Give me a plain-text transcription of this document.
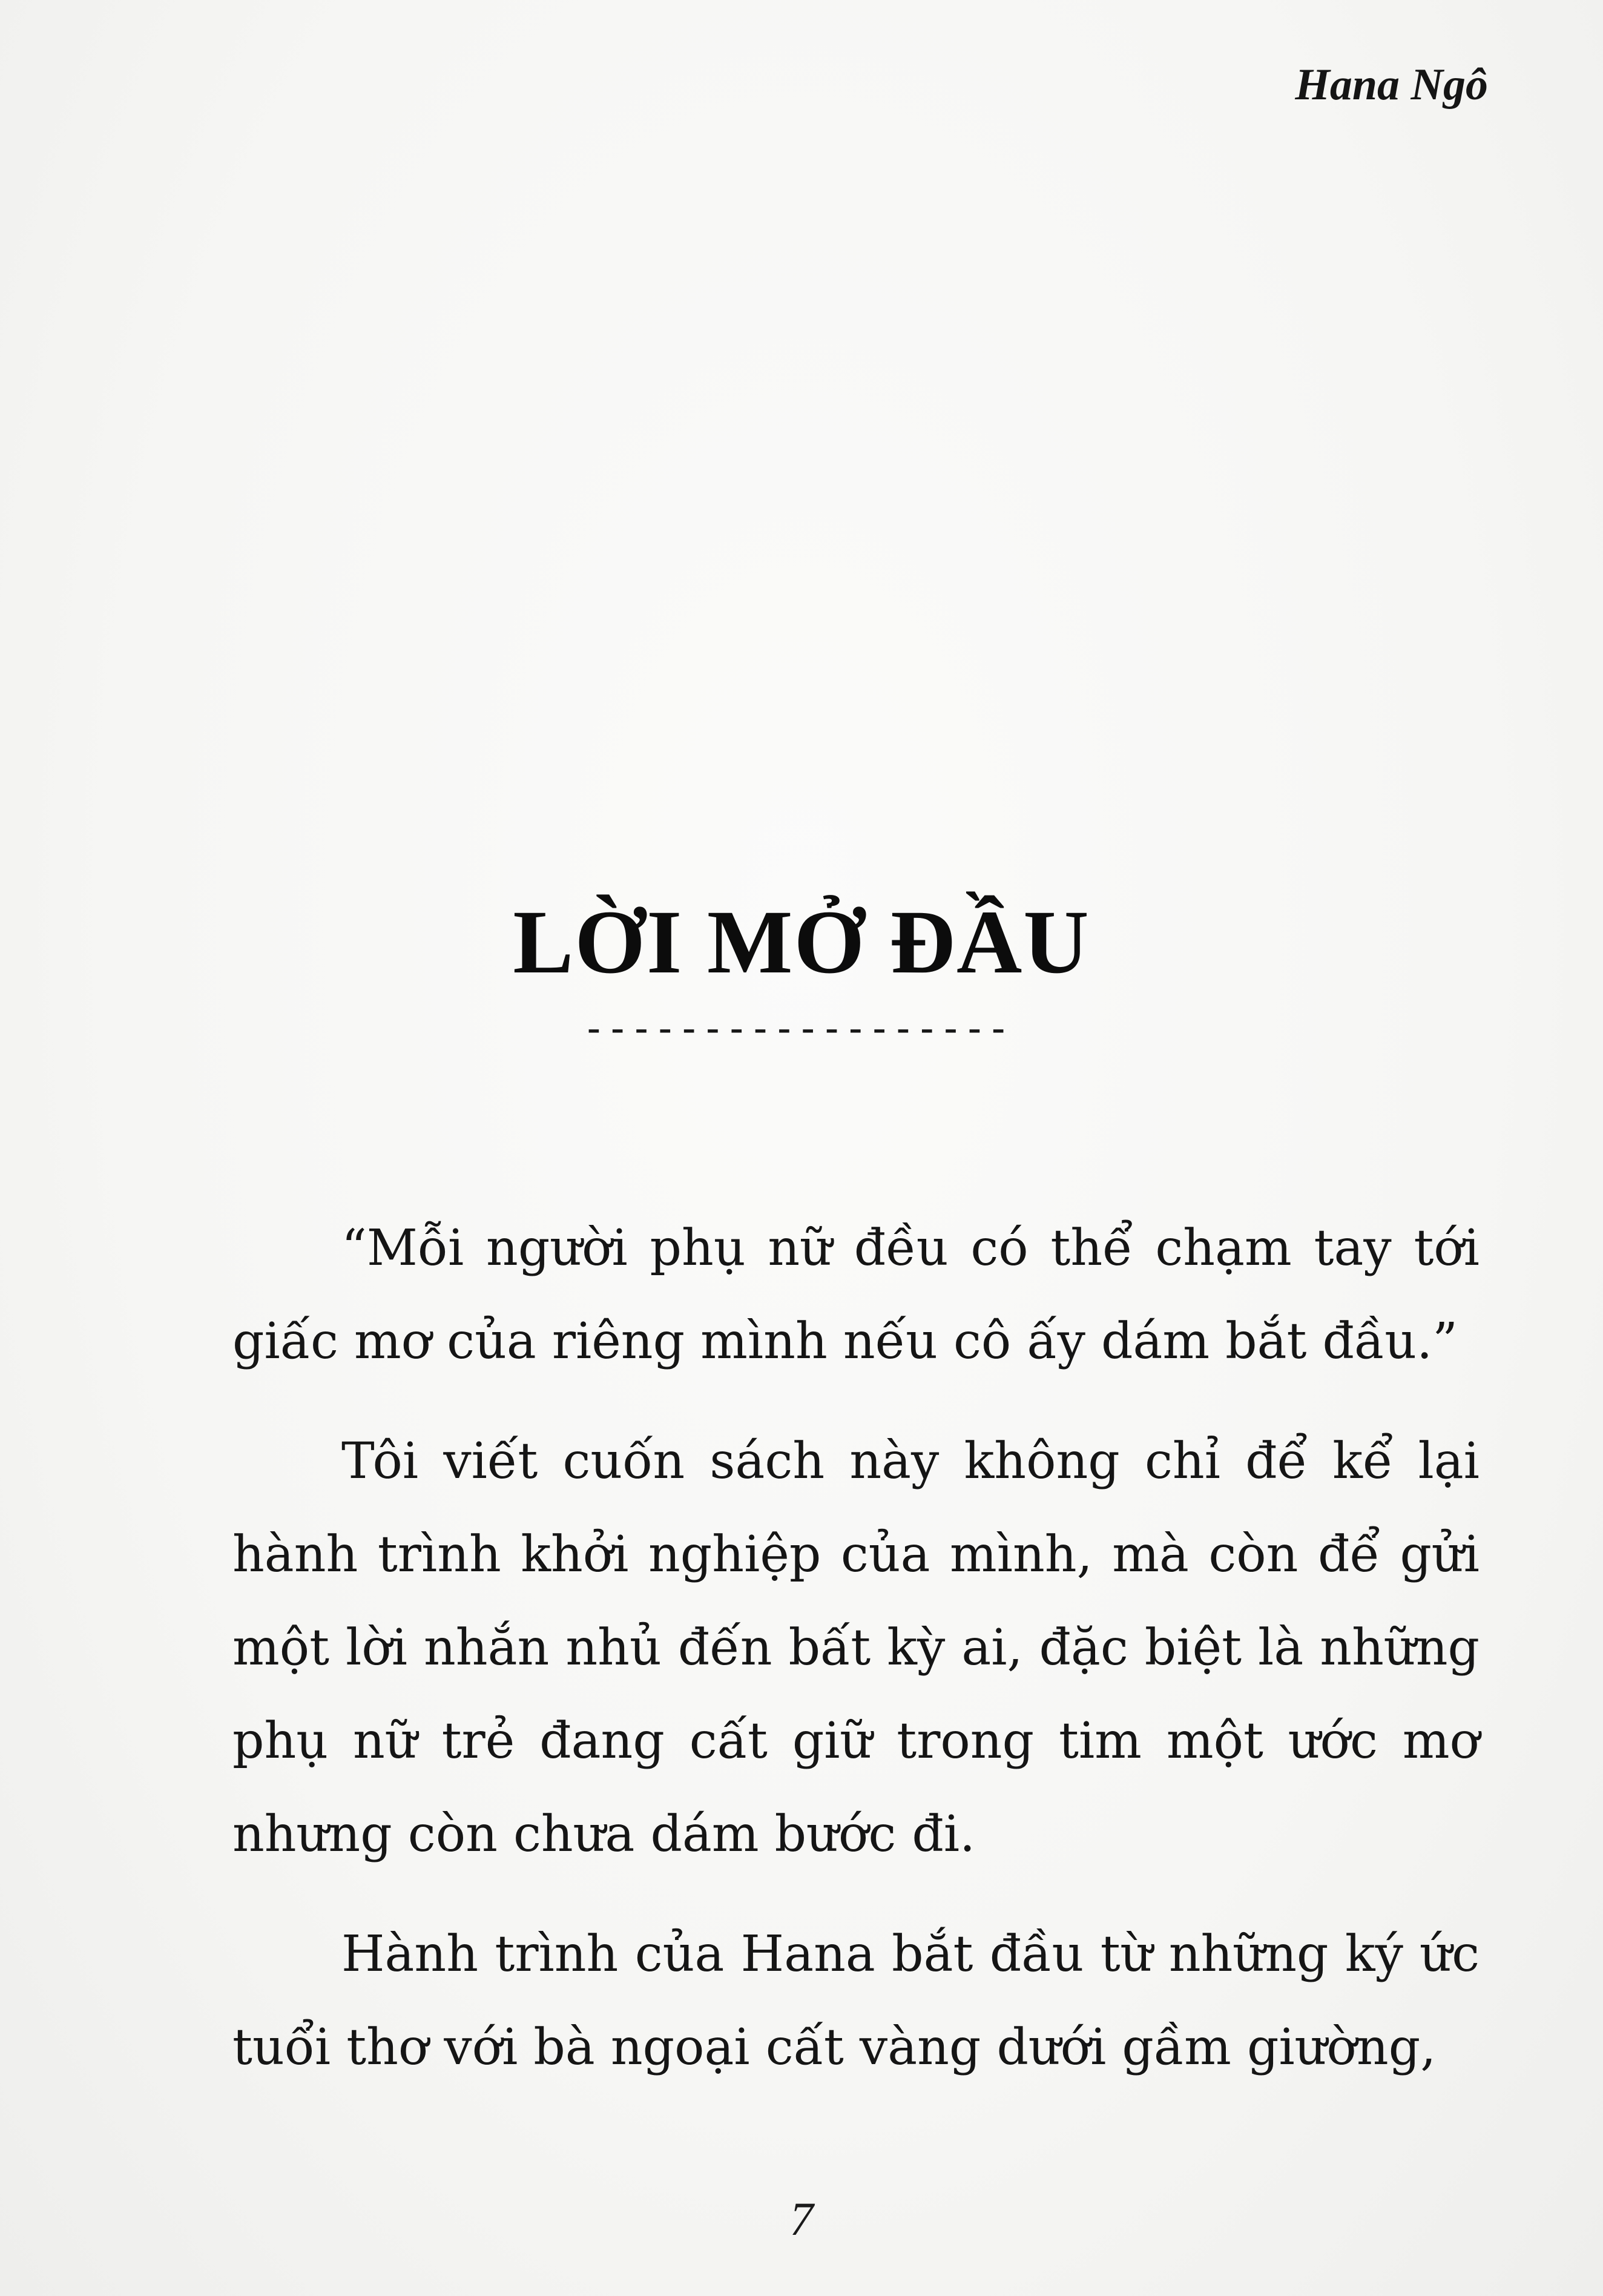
Hana Ngô
LỜI MỞ ĐẦU
------------------

“Mỗi người phụ nữ đều có thể chạm tay tới giấc mơ của riêng mình nếu cô ấy dám bắt đầu.”

Tôi viết cuốn sách này không chỉ để kể lại hành trình khởi nghiệp của mình, mà còn để gửi một lời nhắn nhủ đến bất kỳ ai, đặc biệt là những phụ nữ trẻ đang cất giữ trong tim một ước mơ nhưng còn chưa dám bước đi.

Hành trình của Hana bắt đầu từ những ký ức tuổi thơ với bà ngoại cất vàng dưới gầm giường,

7
